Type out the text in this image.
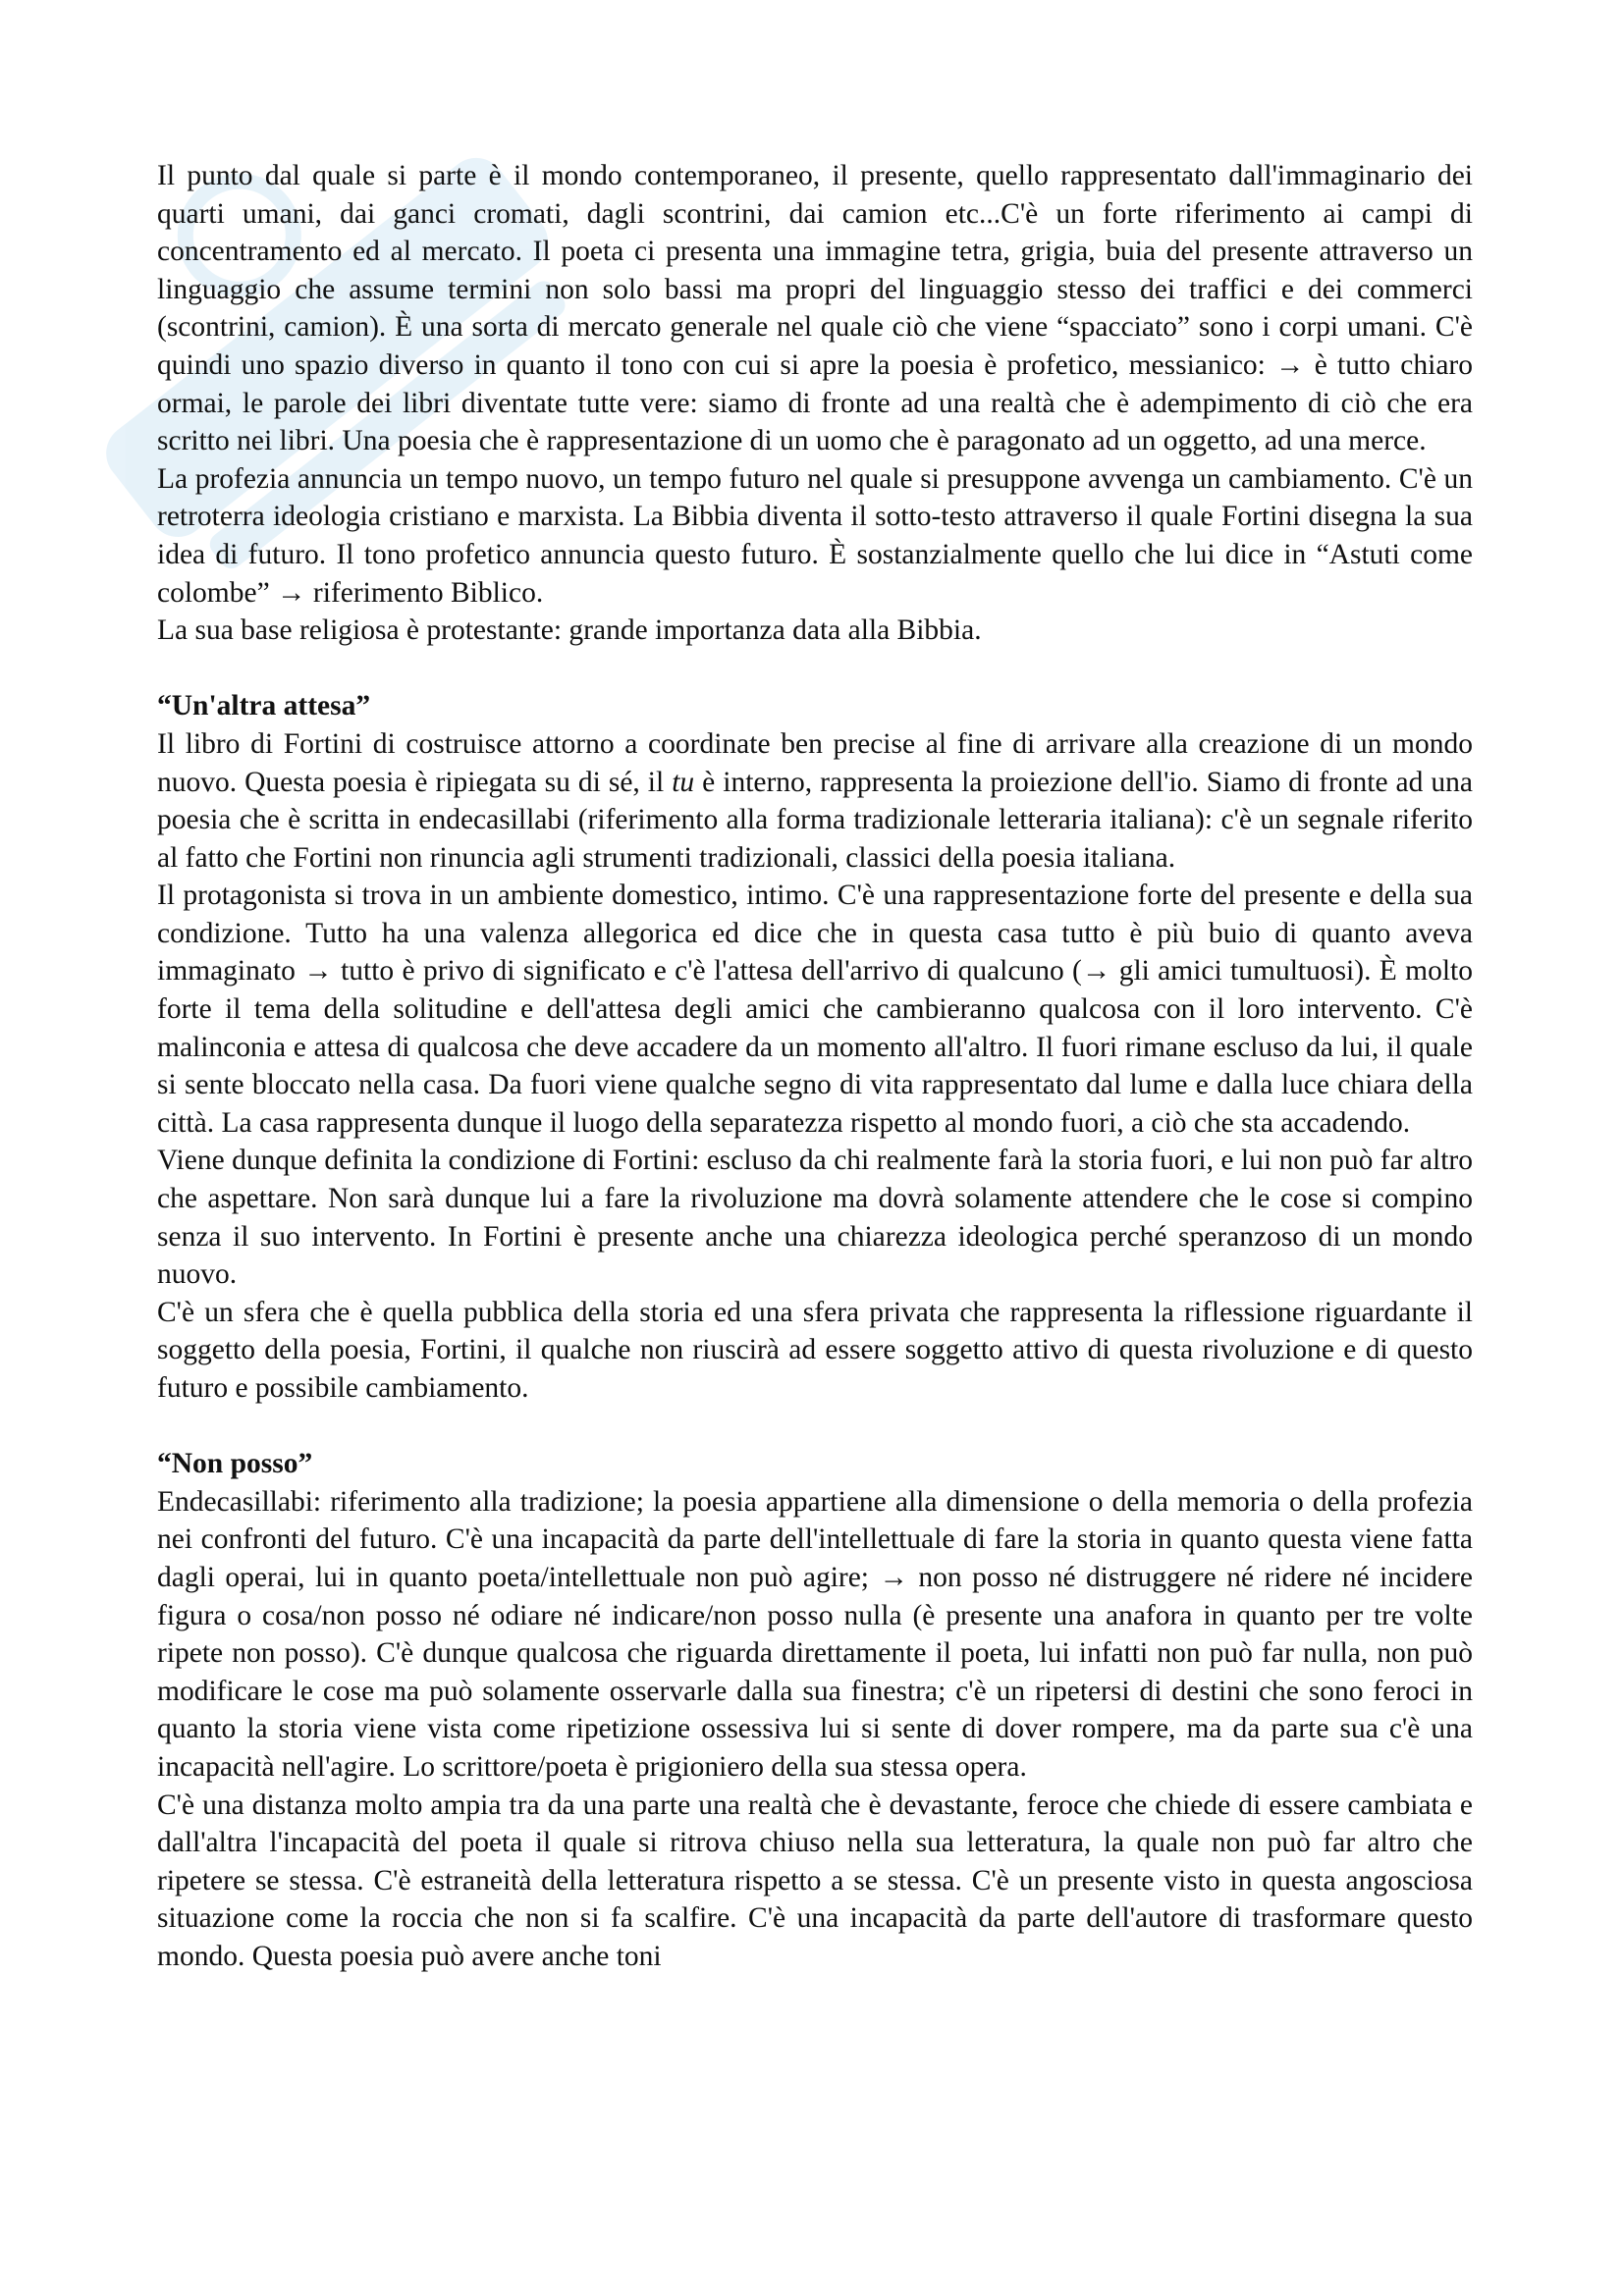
Il punto dal quale si parte è il mondo contemporaneo, il presente, quello rappresentato dall'immaginario dei quarti umani, dai ganci cromati, dagli scontrini, dai camion etc...C'è un forte riferimento ai campi di concentramento ed al mercato. Il poeta ci presenta una immagine tetra, grigia, buia del presente attraverso un linguaggio che assume termini non solo bassi ma propri del linguaggio stesso dei traffici e dei commerci (scontrini, camion). È una sorta di mercato generale nel quale ciò che viene “spacciato” sono i corpi umani. C'è quindi uno spazio diverso in quanto il tono con cui si apre la poesia è profetico, messianico: → è tutto chiaro ormai, le parole dei libri diventate tutte vere: siamo di fronte ad una realtà che è adempimento di ciò che era scritto nei libri. Una poesia che è rappresentazione di un uomo che è paragonato ad un oggetto, ad una merce.

La profezia annuncia un tempo nuovo, un tempo futuro nel quale si presuppone avvenga un cambiamento. C'è un retroterra ideologia cristiano e marxista. La Bibbia diventa il sotto-testo attraverso il quale Fortini disegna la sua idea di futuro. Il tono profetico annuncia questo futuro. È sostanzialmente quello che lui dice in “Astuti come colombe” → riferimento Biblico.

La sua base religiosa è protestante: grande importanza data alla Bibbia.

“Un'altra attesa”

Il libro di Fortini di costruisce attorno a coordinate ben precise al fine di arrivare alla creazione di un mondo nuovo. Questa poesia è ripiegata su di sé, il tu è interno, rappresenta la proiezione dell'io. Siamo di fronte ad una poesia che è scritta in endecasillabi (riferimento alla forma tradizionale letteraria italiana): c'è un segnale riferito al fatto che Fortini non rinuncia agli strumenti tradizionali, classici della poesia italiana.

Il protagonista si trova in un ambiente domestico, intimo. C'è una rappresentazione forte del presente e della sua condizione. Tutto ha una valenza allegorica ed dice che in questa casa tutto è più buio di quanto aveva immaginato → tutto è privo di significato e c'è l'attesa dell'arrivo di qualcuno (→ gli amici tumultuosi). È molto forte il tema della solitudine e dell'attesa degli amici che cambieranno qualcosa con il loro intervento. C'è malinconia e attesa di qualcosa che deve accadere da un momento all'altro. Il fuori rimane escluso da lui, il quale si sente bloccato nella casa. Da fuori viene qualche segno di vita rappresentato dal lume e dalla luce chiara della città. La casa rappresenta dunque il luogo della separatezza rispetto al mondo fuori, a ciò che sta accadendo.

Viene dunque definita la condizione di Fortini: escluso da chi realmente farà la storia fuori, e lui non può far altro che aspettare. Non sarà dunque lui a fare la rivoluzione ma dovrà solamente attendere che le cose si compino senza il suo intervento. In Fortini è presente anche una chiarezza ideologica perché speranzoso di un mondo nuovo.

C'è un sfera che è quella pubblica della storia ed una sfera privata che rappresenta la riflessione riguardante il soggetto della poesia, Fortini, il qualche non riuscirà ad essere soggetto attivo di questa rivoluzione e di questo futuro e possibile cambiamento.

“Non posso”

Endecasillabi: riferimento alla tradizione; la poesia appartiene alla dimensione o della memoria o della profezia nei confronti del futuro. C'è una incapacità da parte dell'intellettuale di fare la storia in quanto questa viene fatta dagli operai, lui in quanto poeta/intellettuale non può agire; → non posso né distruggere né ridere né incidere figura o cosa/non posso né odiare né indicare/non posso nulla (è presente una anafora in quanto per tre volte ripete non posso). C'è dunque qualcosa che riguarda direttamente il poeta, lui infatti non può far nulla, non può modificare le cose ma può solamente osservarle dalla sua finestra; c'è un ripetersi di destini che sono feroci in quanto la storia viene vista come ripetizione ossessiva lui si sente di dover rompere, ma da parte sua c'è una incapacità nell'agire. Lo scrittore/poeta è prigioniero della sua stessa opera.

C'è una distanza molto ampia tra da una parte una realtà che è devastante, feroce che chiede di essere cambiata e dall'altra l'incapacità del poeta il quale si ritrova chiuso nella sua letteratura, la quale non può far altro che ripetere se stessa. C'è estraneità della letteratura rispetto a se stessa. C'è un presente visto in questa angosciosa situazione come la roccia che non si fa scalfire. C'è una incapacità da parte dell'autore di trasformare questo mondo. Questa poesia può avere anche toni
